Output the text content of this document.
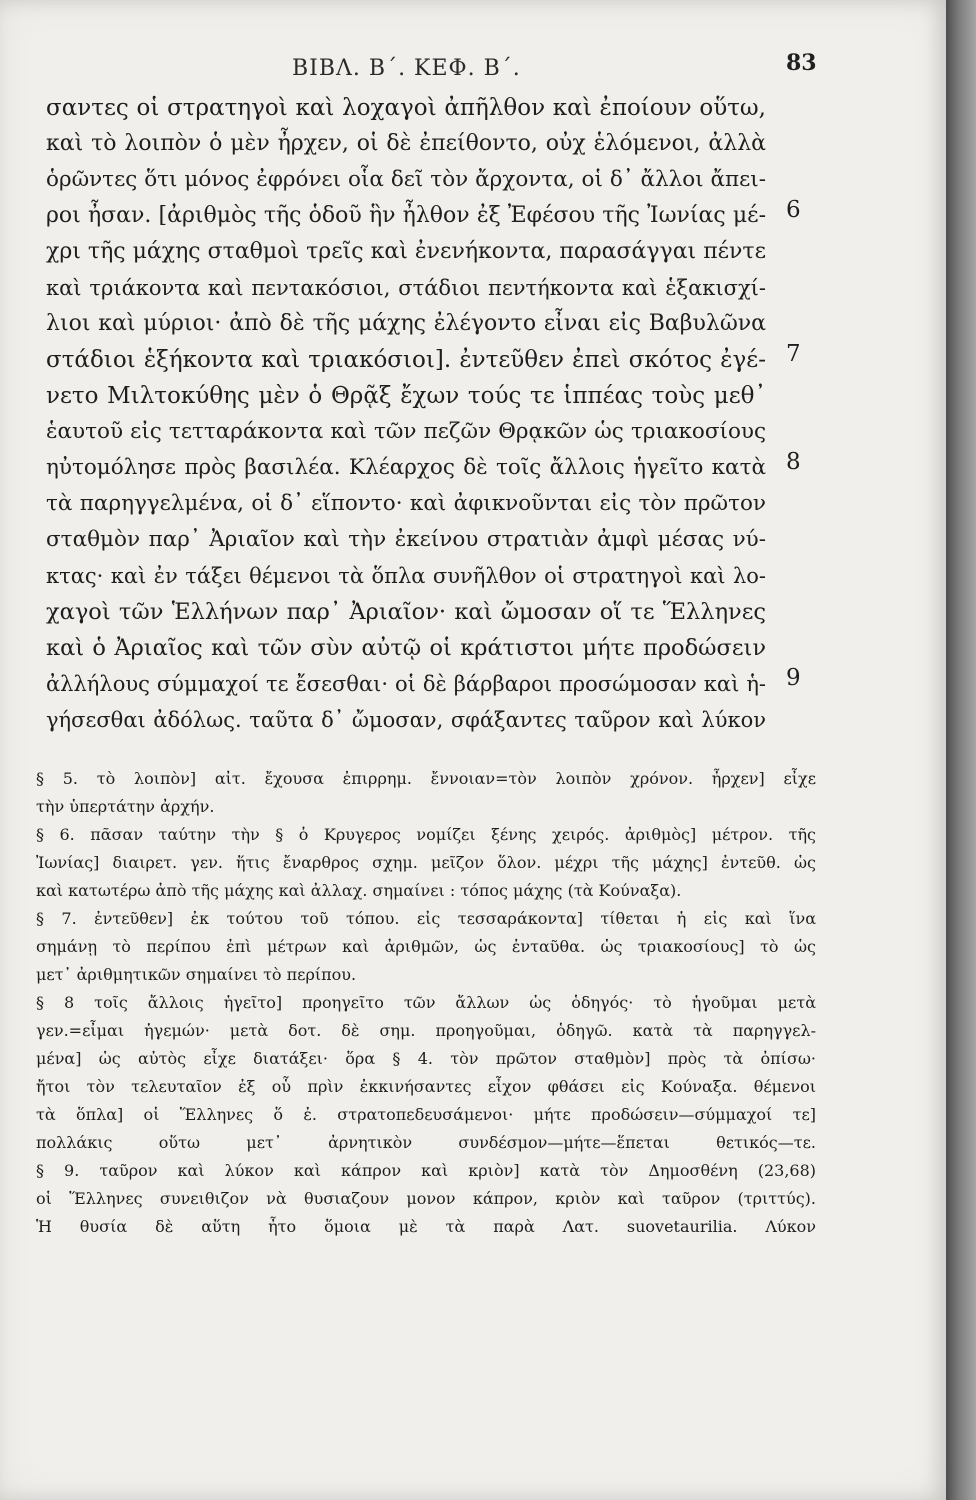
ΒΙΒΛ. Β΄. ΚΕΦ. Β΄.	83
σαντες οἱ στρατηγοὶ καὶ λοχαγοὶ ἀπῆλθον καὶ ἐποίουν οὕτω,
καὶ τὸ λοιπὸν ὁ μὲν ἦρχεν, οἱ δὲ ἐπείθοντο, οὐχ ἑλόμενοι, ἀλλὰ
ὁρῶντες ὅτι μόνος ἐφρόνει οἷα δεῖ τὸν ἄρχοντα, οἱ δ᾽ ἄλλοι ἄπει-
ροι ἦσαν. [ἀριθμὸς τῆς ὁδοῦ ἣν ἦλθον ἐξ Ἐφέσου τῆς Ἰωνίας μέ-
χρι τῆς μάχης σταθμοὶ τρεῖς καὶ ἐνενήκοντα, παρασάγγαι πέντε
καὶ τριάκοντα καὶ πεντακόσιοι, στάδιοι πεντήκοντα καὶ ἑξακισχί-
λιοι καὶ μύριοι· ἀπὸ δὲ τῆς μάχης ἐλέγοντο εἶναι εἰς Βαβυλῶνα
στάδιοι ἑξήκοντα καὶ τριακόσιοι]. ἐντεῦθεν ἐπεὶ σκότος ἐγέ-
νετο Μιλτοκύθης μὲν ὁ Θρᾷξ ἔχων τούς τε ἱππέας τοὺς μεθ᾽
ἑαυτοῦ εἰς τετταράκοντα καὶ τῶν πεζῶν Θρᾳκῶν ὡς τριακοσίους
ηὐτομόλησε πρὸς βασιλέα. Κλέαρχος δὲ τοῖς ἄλλοις ἡγεῖτο κατὰ
τὰ παρηγγελμένα, οἱ δ᾽ εἵποντο· καὶ ἀφικνοῦνται εἰς τὸν πρῶτον
σταθμὸν παρ᾽ Ἀριαῖον καὶ τὴν ἐκείνου στρατιὰν ἀμφὶ μέσας νύ-
κτας· καὶ ἐν τάξει θέμενοι τὰ ὅπλα συνῆλθον οἱ στρατηγοὶ καὶ λο-
χαγοὶ τῶν Ἑλλήνων παρ᾽ Ἀριαῖον· καὶ ὤμοσαν οἵ τε Ἕλληνες
καὶ ὁ Ἀριαῖος καὶ τῶν σὺν αὐτῷ οἱ κράτιστοι μήτε προδώσειν
ἀλλήλους σύμμαχοί τε ἔσεσθαι· οἱ δὲ βάρβαροι προσώμοσαν καὶ ἡ-
γήσεσθαι ἀδόλως. ταῦτα δ᾽ ὤμοσαν, σφάξαντες ταῦρον καὶ λύκον
6
7
8
9
§ 5. τὸ λοιπὸν] αἰτ. ἔχουσα ἐπιρρημ. ἔννοιαν=τὸν λοιπὸν χρόνον. ἦρχεν] εἶχε
τὴν ὑπερτάτην ἀρχήν.
§ 6. πᾶσαν ταύτην τὴν § ὁ Κρυγερος νομίζει ξένης χειρός. ἀριθμὸς] μέτρον. τῆς
Ἰωνίας] διαιρετ. γεν. ἥτις ἔναρθρος σχημ. μεῖζον ὅλον. μέχρι τῆς μάχης] ἐντεῦθ. ὡς
καὶ κατωτέρω ἀπὸ τῆς μάχης καὶ ἀλλαχ. σημαίνει : τόπος μάχης (τὰ Κούναξα).
§ 7. ἐντεῦθεν] ἐκ τούτου τοῦ τόπου. εἰς τεσσαράκοντα] τίθεται ἡ εἰς καὶ ἵνα
σημάνῃ τὸ περίπου ἐπὶ μέτρων καὶ ἀριθμῶν, ὡς ἐνταῦθα. ὡς τριακοσίους] τὸ ὡς
μετ᾽ ἀριθμητικῶν σημαίνει τὸ περίπου.
§ 8 τοῖς ἄλλοις ἡγεῖτο] προηγεῖτο τῶν ἄλλων ὡς ὁδηγός· τὸ ἡγοῦμαι μετὰ
γεν.=εἶμαι ἡγεμών· μετὰ δοτ. δὲ σημ. προηγοῦμαι, ὁδηγῶ. κατὰ τὰ παρηγγελ-
μένα] ὡς αὐτὸς εἶχε διατάξει· ὅρα § 4. τὸν πρῶτον σταθμὸν] πρὸς τὰ ὀπίσω·
ἤτοι τὸν τελευταῖον ἐξ οὗ πρὶν ἐκκινήσαντες εἶχον φθάσει εἰς Κούναξα. θέμενοι
τὰ ὅπλα] οἱ Ἕλληνες ὅ ἐ. στρατοπεδευσάμενοι· μήτε προδώσειν—σύμμαχοί τε]
πολλάκις οὕτω μετ᾽ ἀρνητικὸν συνδέσμον—μήτε—ἕπεται θετικός—τε.
§ 9. ταῦρον καὶ λύκον καὶ κάπρον καὶ κριὸν] κατὰ τὸν Δημοσθένη (23,68)
οἱ Ἕλληνες συνειθιζον νὰ θυσιαζουν μονον κάπρον, κριὸν καὶ ταῦρον (τριττύς).
Ἡ θυσία δὲ αὕτη ἦτο ὅμοια μὲ τὰ παρὰ Λατ. suovetaurilia. Λύκον
